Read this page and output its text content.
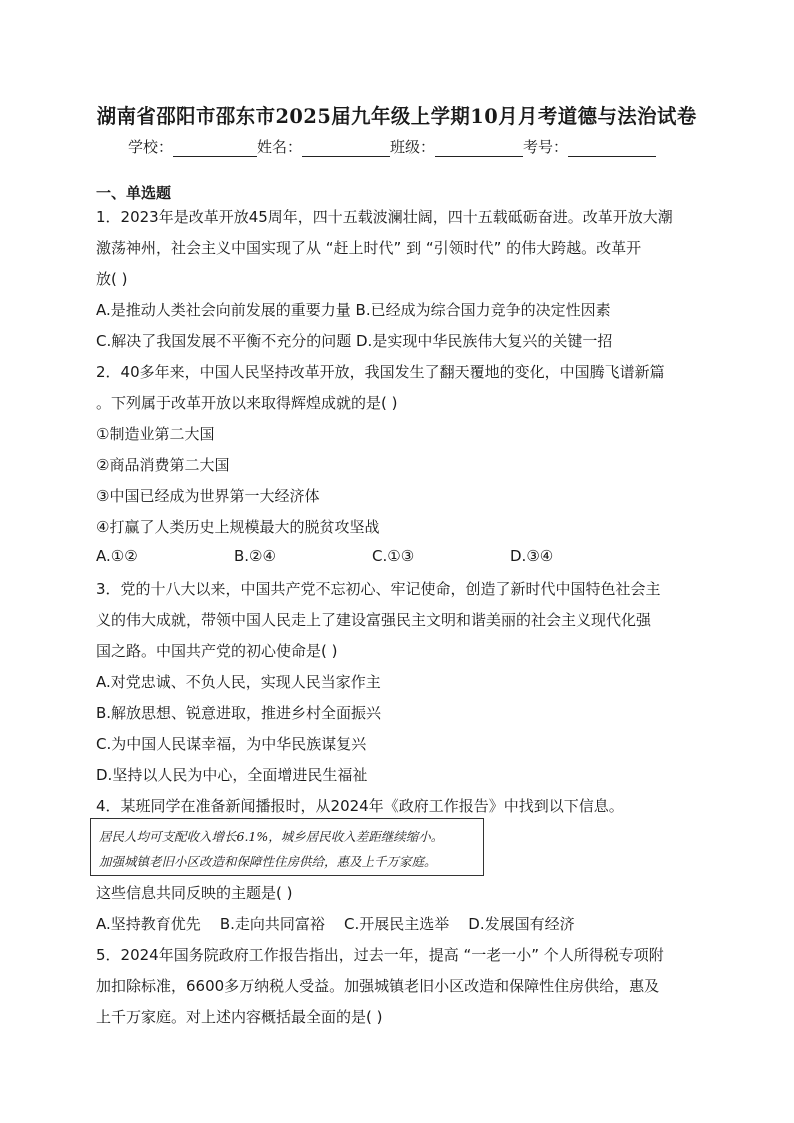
湖南省邵阳市邵东市2025届九年级上学期10月月考道德与法治试卷
学校：	姓名：	班级：	考号：
一、单选题
1．2023年是改革开放45周年，四十五载波澜壮阔，四十五载砥砺奋进。改革开放大潮
激荡神州，社会主义中国实现了从 “赶上时代” 到 “引领时代” 的伟大跨越。改革开
放( )
A.是推动人类社会向前发展的重要力量 B.已经成为综合国力竞争的决定性因素
C.解决了我国发展不平衡不充分的问题 D.是实现中华民族伟大复兴的关键一招
2．40多年来，中国人民坚持改革开放，我国发生了翻天覆地的变化，中国腾飞谱新篇
。下列属于改革开放以来取得辉煌成就的是( )
①制造业第二大国
②商品消费第二大国
③中国已经成为世界第一大经济体
④打赢了人类历史上规模最大的脱贫攻坚战
A.①②	B.②④	C.①③	D.③④
3．党的十八大以来，中国共产党不忘初心、牢记使命，创造了新时代中国特色社会主
义的伟大成就，带领中国人民走上了建设富强民主文明和谐美丽的社会主义现代化强
国之路。中国共产党的初心使命是( )
A.对党忠诚、不负人民，实现人民当家作主
B.解放思想、锐意进取，推进乡村全面振兴
C.为中国人民谋幸福，为中华民族谋复兴
D.坚持以人民为中心，全面增进民生福祉
4．某班同学在准备新闻播报时，从2024年《政府工作报告》中找到以下信息。
居民人均可支配收入增长6.1%，城乡居民收入差距继续缩小。
加强城镇老旧小区改造和保障性住房供给，惠及上千万家庭。
这些信息共同反映的主题是( )
A.坚持教育优先    B.走向共同富裕    C.开展民主选举    D.发展国有经济
5．2024年国务院政府工作报告指出，过去一年，提高 “一老一小” 个人所得税专项附
加扣除标准，6600多万纳税人受益。加强城镇老旧小区改造和保障性住房供给，惠及
上千万家庭。对上述内容概括最全面的是( )
